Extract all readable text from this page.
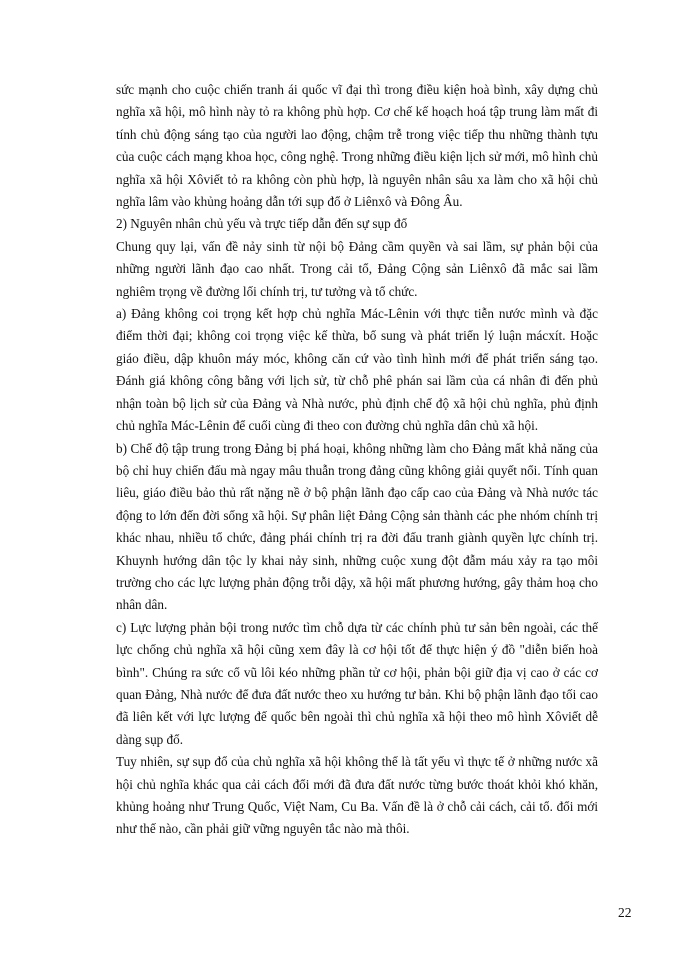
sức mạnh cho cuộc chiến tranh ái quốc vĩ đại thì trong điều kiện hoà bình, xây dựng chủ nghĩa xã hội, mô hình này tỏ ra không phù hợp. Cơ chế kế hoạch hoá tập trung làm mất đi tính chủ động sáng tạo của người lao động, chậm trễ trong việc tiếp thu những thành tựu của cuộc cách mạng khoa học, công nghệ. Trong những điều kiện lịch sử mới, mô hình chủ nghĩa xã hội Xôviết tỏ ra không còn phù hợp, là nguyên nhân sâu xa làm cho xã hội chủ nghĩa lâm vào khủng hoảng dẫn tới sụp đổ ở Liênxô và Đông Âu.

2) Nguyên nhân chủ yếu và trực tiếp dẫn đến sự sụp đổ

Chung quy lại, vấn đề nảy sinh từ nội bộ Đảng cầm quyền và sai lầm, sự phản bội của những người lãnh đạo cao nhất. Trong cải tổ, Đảng Cộng sản Liênxô đã mắc sai lầm nghiêm trọng về đường lối chính trị, tư tưởng và tổ chức.

a) Đảng không coi trọng kết hợp chủ nghĩa Mác-Lênin với thực tiễn nước mình và đặc điểm thời đại; không coi trọng việc kế thừa, bổ sung và phát triển lý luận mácxít. Hoặc giáo điều, dập khuôn máy móc, không căn cứ vào tình hình mới để phát triển sáng tạo. Đánh giá không công bằng với lịch sử, từ chỗ phê phán sai lầm của cá nhân đi đến phủ nhận toàn bộ lịch sử của Đảng và Nhà nước, phủ định chế độ xã hội chủ nghĩa, phủ định chủ nghĩa Mác-Lênin để cuối cùng đi theo con đường chủ nghĩa dân chủ xã hội.

b) Chế độ tập trung trong Đảng bị phá hoại, không những làm cho Đảng mất khả năng của bộ chỉ huy chiến đấu mà ngay mâu thuẫn trong đảng cũng không giải quyết nổi. Tính quan liêu, giáo điều bảo thủ rất nặng nề ở bộ phận lãnh đạo cấp cao của Đảng và Nhà nước tác động to lớn đến đời sống xã hội. Sự phân liệt Đảng Cộng sản thành các phe nhóm chính trị khác nhau, nhiều tổ chức, đảng phái chính trị ra đời đấu tranh giành quyền lực chính trị. Khuynh hướng dân tộc ly khai nảy sinh, những cuộc xung đột đẫm máu xảy ra tạo môi trường cho các lực lượng phản động trỗi dậy, xã hội mất phương hướng, gây thảm hoạ cho nhân dân.

c) Lực lượng phản bội trong nước tìm chỗ dựa từ các chính phủ tư sản bên ngoài, các thế lực chống chủ nghĩa xã hội cũng xem đây là cơ hội tốt để thực hiện ý đồ "diễn biến hoà bình". Chúng ra sức cổ vũ lôi kéo những phần tử cơ hội, phản bội giữ địa vị cao ở các cơ quan Đảng, Nhà nước để đưa đất nước theo xu hướng tư bản. Khi bộ phận lãnh đạo tối cao đã liên kết với lực lượng đế quốc bên ngoài thì chủ nghĩa xã hội theo mô hình Xôviết dễ dàng sụp đổ.

Tuy nhiên, sự sụp đổ của chủ nghĩa xã hội không thể là tất yếu vì thực tế ở những nước xã hội chủ nghĩa khác qua cải cách đổi mới đã đưa đất nước từng bước thoát khỏi khó khăn, khủng hoảng như Trung Quốc, Việt Nam, Cu Ba. Vấn đề là ở chỗ cải cách, cải tổ. đổi mới như thế nào, cần phải giữ vững nguyên tắc nào mà thôi.

22
